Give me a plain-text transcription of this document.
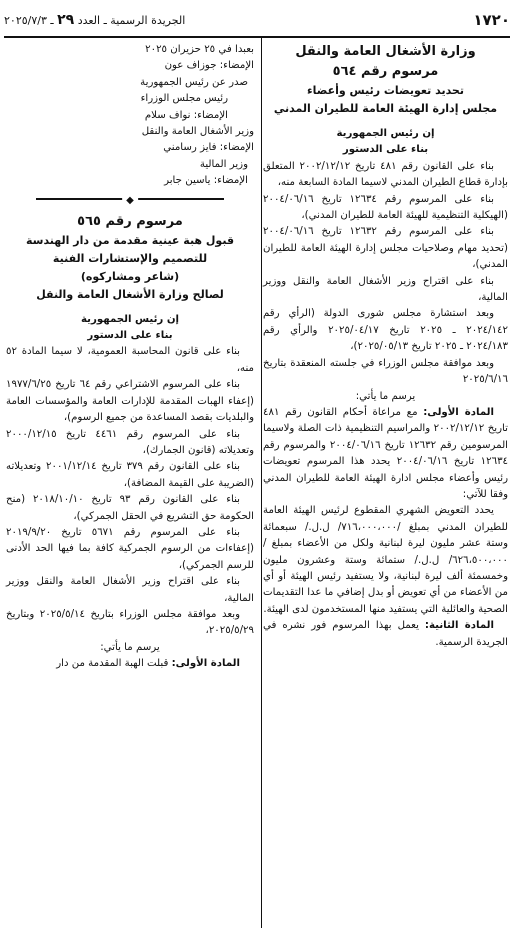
١٧٢٠
الجريدة الرسمية ـ العدد ٢٩ ـ ٢٠٢٥/٧/٣

وزارة الأشغال العامة والنقل

مرسوم رقم ٥٦٤

تحديد تعويضات رئيس وأعضاء

مجلس إدارة الهيئة العامة للطيران المدني

إن رئيس الجمهورية

بناء على الدستور

بناء على القانون رقم ٤٨١ تاريخ ٢٠٠٢/١٢/١٢ المتعلق بإدارة قطاع الطيران المدني لاسيما المادة السابعة منه،

بناء على المرسوم رقم ١٢٦٣٤ تاريخ ٢٠٠٤/٠٦/١٦ (الهيكلية التنظيمية للهيئة العامة للطيران المدني)،

بناء على المرسوم رقم ١٢٦٣٢ تاريخ ٢٠٠٤/٠٦/١٦ (تحديد مهام وصلاحيات مجلس إدارة الهيئة العامة للطيران المدني)،

بناء على اقتراح وزير الأشغال العامة والنقل ووزير المالية،

وبعد استشارة مجلس شورى الدولة (الرأي رقم ٢٠٢٤/١٤٢ ـ ٢٠٢٥ تاريخ ٢٠٢٥/٠٤/١٧ والرأي رقم ٢٠٢٤/١٨٣ ـ ٢٠٢٥ تاريخ ٢٠٢٥/٠٥/١٣)،

وبعد موافقة مجلس الوزراء في جلسته المنعقدة بتاريخ ٢٠٢٥/٦/١٦

يرسم ما يأتي:

المادة الأولى: مع مراعاة أحكام القانون رقم ٤٨١ تاريخ ٢٠٠٢/١٢/١٢ والمراسيم التنظيمية ذات الصلة ولاسيما المرسومين رقم ١٢٦٣٢ تاريخ ٢٠٠٤/٠٦/١٦ والمرسوم رقم ١٢٦٣٤ تاريخ ٢٠٠٤/٠٦/١٦ يحدد هذا المرسوم تعويضات رئيس وأعضاء مجلس ادارة الهيئة العامة للطيران المدني وفقا للآتي:

يحدد التعويض الشهري المقطوع لرئيس الهيئة العامة للطيران المدني بمبلغ /٧١٦،٠٠٠،٠٠٠/ ل.ل./ سبعمائة وستة عشر مليون ليرة لبنانية ولكل من الأعضاء بمبلغ /٦٢٦،٥٠٠،٠٠٠/ ل.ل./ ستمائة وستة وعشرون مليون وخمسمئة ألف ليرة لبنانية، ولا يستفيد رئيس الهيئة أو أي من الأعضاء من أي تعويض أو بدل إضافي ما عدا التقديمات الصحية والعائلية التي يستفيد منها المستخدمون لدى الهيئة.

المادة الثانية: يعمل بهذا المرسوم فور نشره في الجريدة الرسمية.

بعبدا في ٢٥ حزيران ٢٠٢٥

الإمضاء: جوزاف عون

صدر عن رئيس الجمهورية

رئيس مجلس الوزراء

الإمضاء: نواف سلام

وزير الأشغال العامة والنقل

الإمضاء: فايز رسامني

وزير المالية

الإمضاء: ياسين جابر

◆

مرسوم رقم ٥٦٥

قبول هبة عينية مقدمة من دار الهندسة

للتصميم والإستشارات الفنية

(شاعر ومشاركوه)

لصالح وزارة الأشغال العامة والنقل

إن رئيس الجمهورية

بناء على الدستور

بناء على قانون المحاسبة العمومية، لا سيما المادة ٥٢ منه،

بناء على المرسوم الاشتراعي رقم ٦٤ تاريخ ١٩٧٧/٦/٢٥ (إعفاء الهبات المقدمة للإدارات العامة والمؤسسات العامة والبلديات بقصد المساعدة من جميع الرسوم)،

بناء على المرسوم رقم ٤٤٦١ تاريخ ٢٠٠٠/١٢/١٥ وتعديلاته (قانون الجمارك)،

بناء على القانون رقم ٣٧٩ تاريخ ٢٠٠١/١٢/١٤ وتعديلاته (الضريبة على القيمة المضافة)،

بناء على القانون رقم ٩٣ تاريخ ٢٠١٨/١٠/١٠ (منح الحكومة حق التشريع في الحقل الجمركي)،

بناء على المرسوم رقم ٥٦٧١ تاريخ ٢٠١٩/٩/٢٠ (إعفاءات من الرسوم الجمركية كافة بما فيها الحد الأدنى للرسم الجمركي)،

بناء على اقتراح وزير الأشغال العامة والنقل ووزير المالية،

وبعد موافقة مجلس الوزراء بتاريخ ٢٠٢٥/٥/١٤ وبتاريخ ٢٠٢٥/٥/٢٩،

يرسم ما يأتي:

المادة الأولى: قبلت الهبة المقدمة من دار
